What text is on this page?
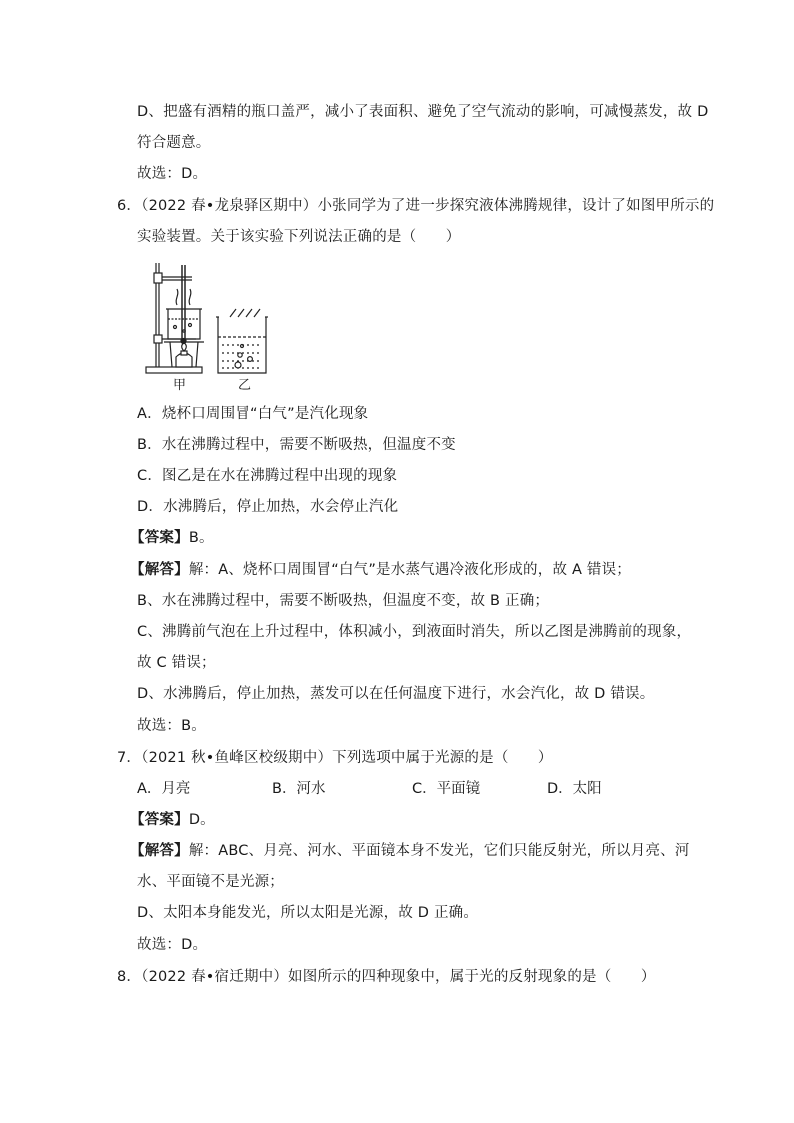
D、把盛有酒精的瓶口盖严，减小了表面积、避免了空气流动的影响，可减慢蒸发，故 D
符合题意。
故选：D。
6．（2022 春•龙泉驿区期中）小张同学为了进一步探究液体沸腾规律，设计了如图甲所示的
实验装置。关于该实验下列说法正确的是（　　）
甲	乙
A．烧杯口周围冒“白气”是汽化现象
B．水在沸腾过程中，需要不断吸热，但温度不变
C．图乙是在水在沸腾过程中出现的现象
D．水沸腾后，停止加热，水会停止汽化
【答案】B。
【解答】解：A、烧杯口周围冒“白气”是水蒸气遇冷液化形成的，故 A 错误；
B、水在沸腾过程中，需要不断吸热，但温度不变，故 B 正确；
C、沸腾前气泡在上升过程中，体积减小，到液面时消失，所以乙图是沸腾前的现象，
故 C 错误；
D、水沸腾后，停止加热，蒸发可以在任何温度下进行，水会汽化，故 D 错误。
故选：B。
7．（2021 秋•鱼峰区校级期中）下列选项中属于光源的是（　　）
A．月亮	B．河水	C．平面镜	D．太阳
【答案】D。
【解答】解：ABC、月亮、河水、平面镜本身不发光，它们只能反射光，所以月亮、河
水、平面镜不是光源；
D、太阳本身能发光，所以太阳是光源，故 D 正确。
故选：D。
8．（2022 春•宿迁期中）如图所示的四种现象中，属于光的反射现象的是（　　）
